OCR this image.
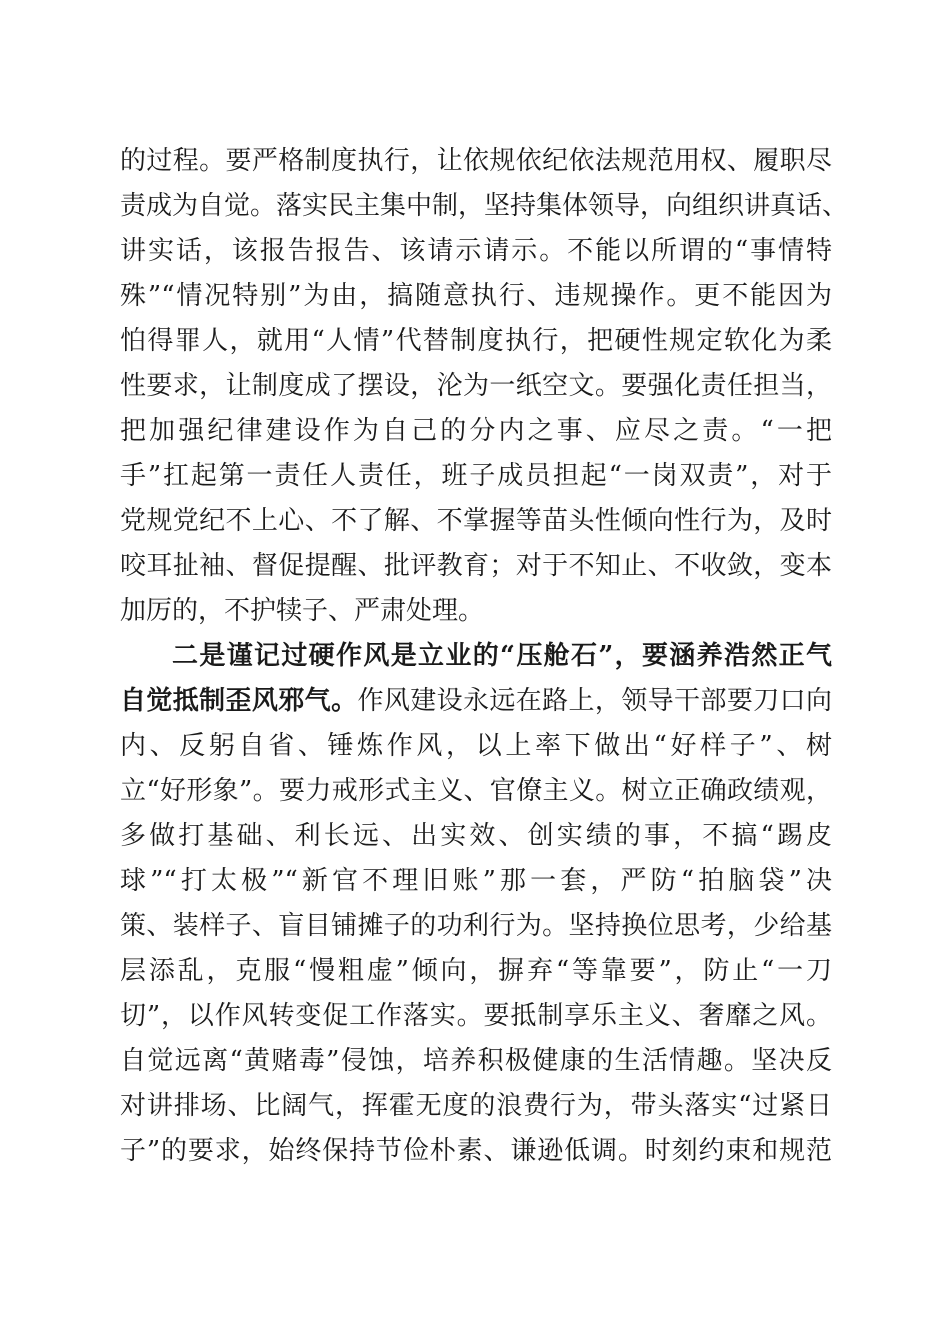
的过程。要严格制度执行，让依规依纪依法规范用权、履职尽
责成为自觉。落实民主集中制，坚持集体领导，向组织讲真话、
讲实话，该报告报告、该请示请示。不能以所谓的“事情特
殊”“情况特别”为由，搞随意执行、违规操作。更不能因为
怕得罪人，就用“人情”代替制度执行，把硬性规定软化为柔
性要求，让制度成了摆设，沦为一纸空文。要强化责任担当，
把加强纪律建设作为自己的分内之事、应尽之责。“一把
手”扛起第一责任人责任，班子成员担起“一岗双责”，对于
党规党纪不上心、不了解、不掌握等苗头性倾向性行为，及时
咬耳扯袖、督促提醒、批评教育；对于不知止、不收敛，变本
加厉的，不护犊子、严肃处理。
二是谨记过硬作风是立业的“压舱石”，要涵养浩然正气
自觉抵制歪风邪气。作风建设永远在路上，领导干部要刀口向
内、反躬自省、锤炼作风，以上率下做出“好样子”、树
立“好形象”。要力戒形式主义、官僚主义。树立正确政绩观，
多做打基础、利长远、出实效、创实绩的事，不搞“踢皮
球”“打太极”“新官不理旧账”那一套，严防“拍脑袋”决
策、装样子、盲目铺摊子的功利行为。坚持换位思考，少给基
层添乱，克服“慢粗虚”倾向，摒弃“等靠要”，防止“一刀
切”，以作风转变促工作落实。要抵制享乐主义、奢靡之风。
自觉远离“黄赌毒”侵蚀，培养积极健康的生活情趣。坚决反
对讲排场、比阔气，挥霍无度的浪费行为，带头落实“过紧日
子”的要求，始终保持节俭朴素、谦逊低调。时刻约束和规范
